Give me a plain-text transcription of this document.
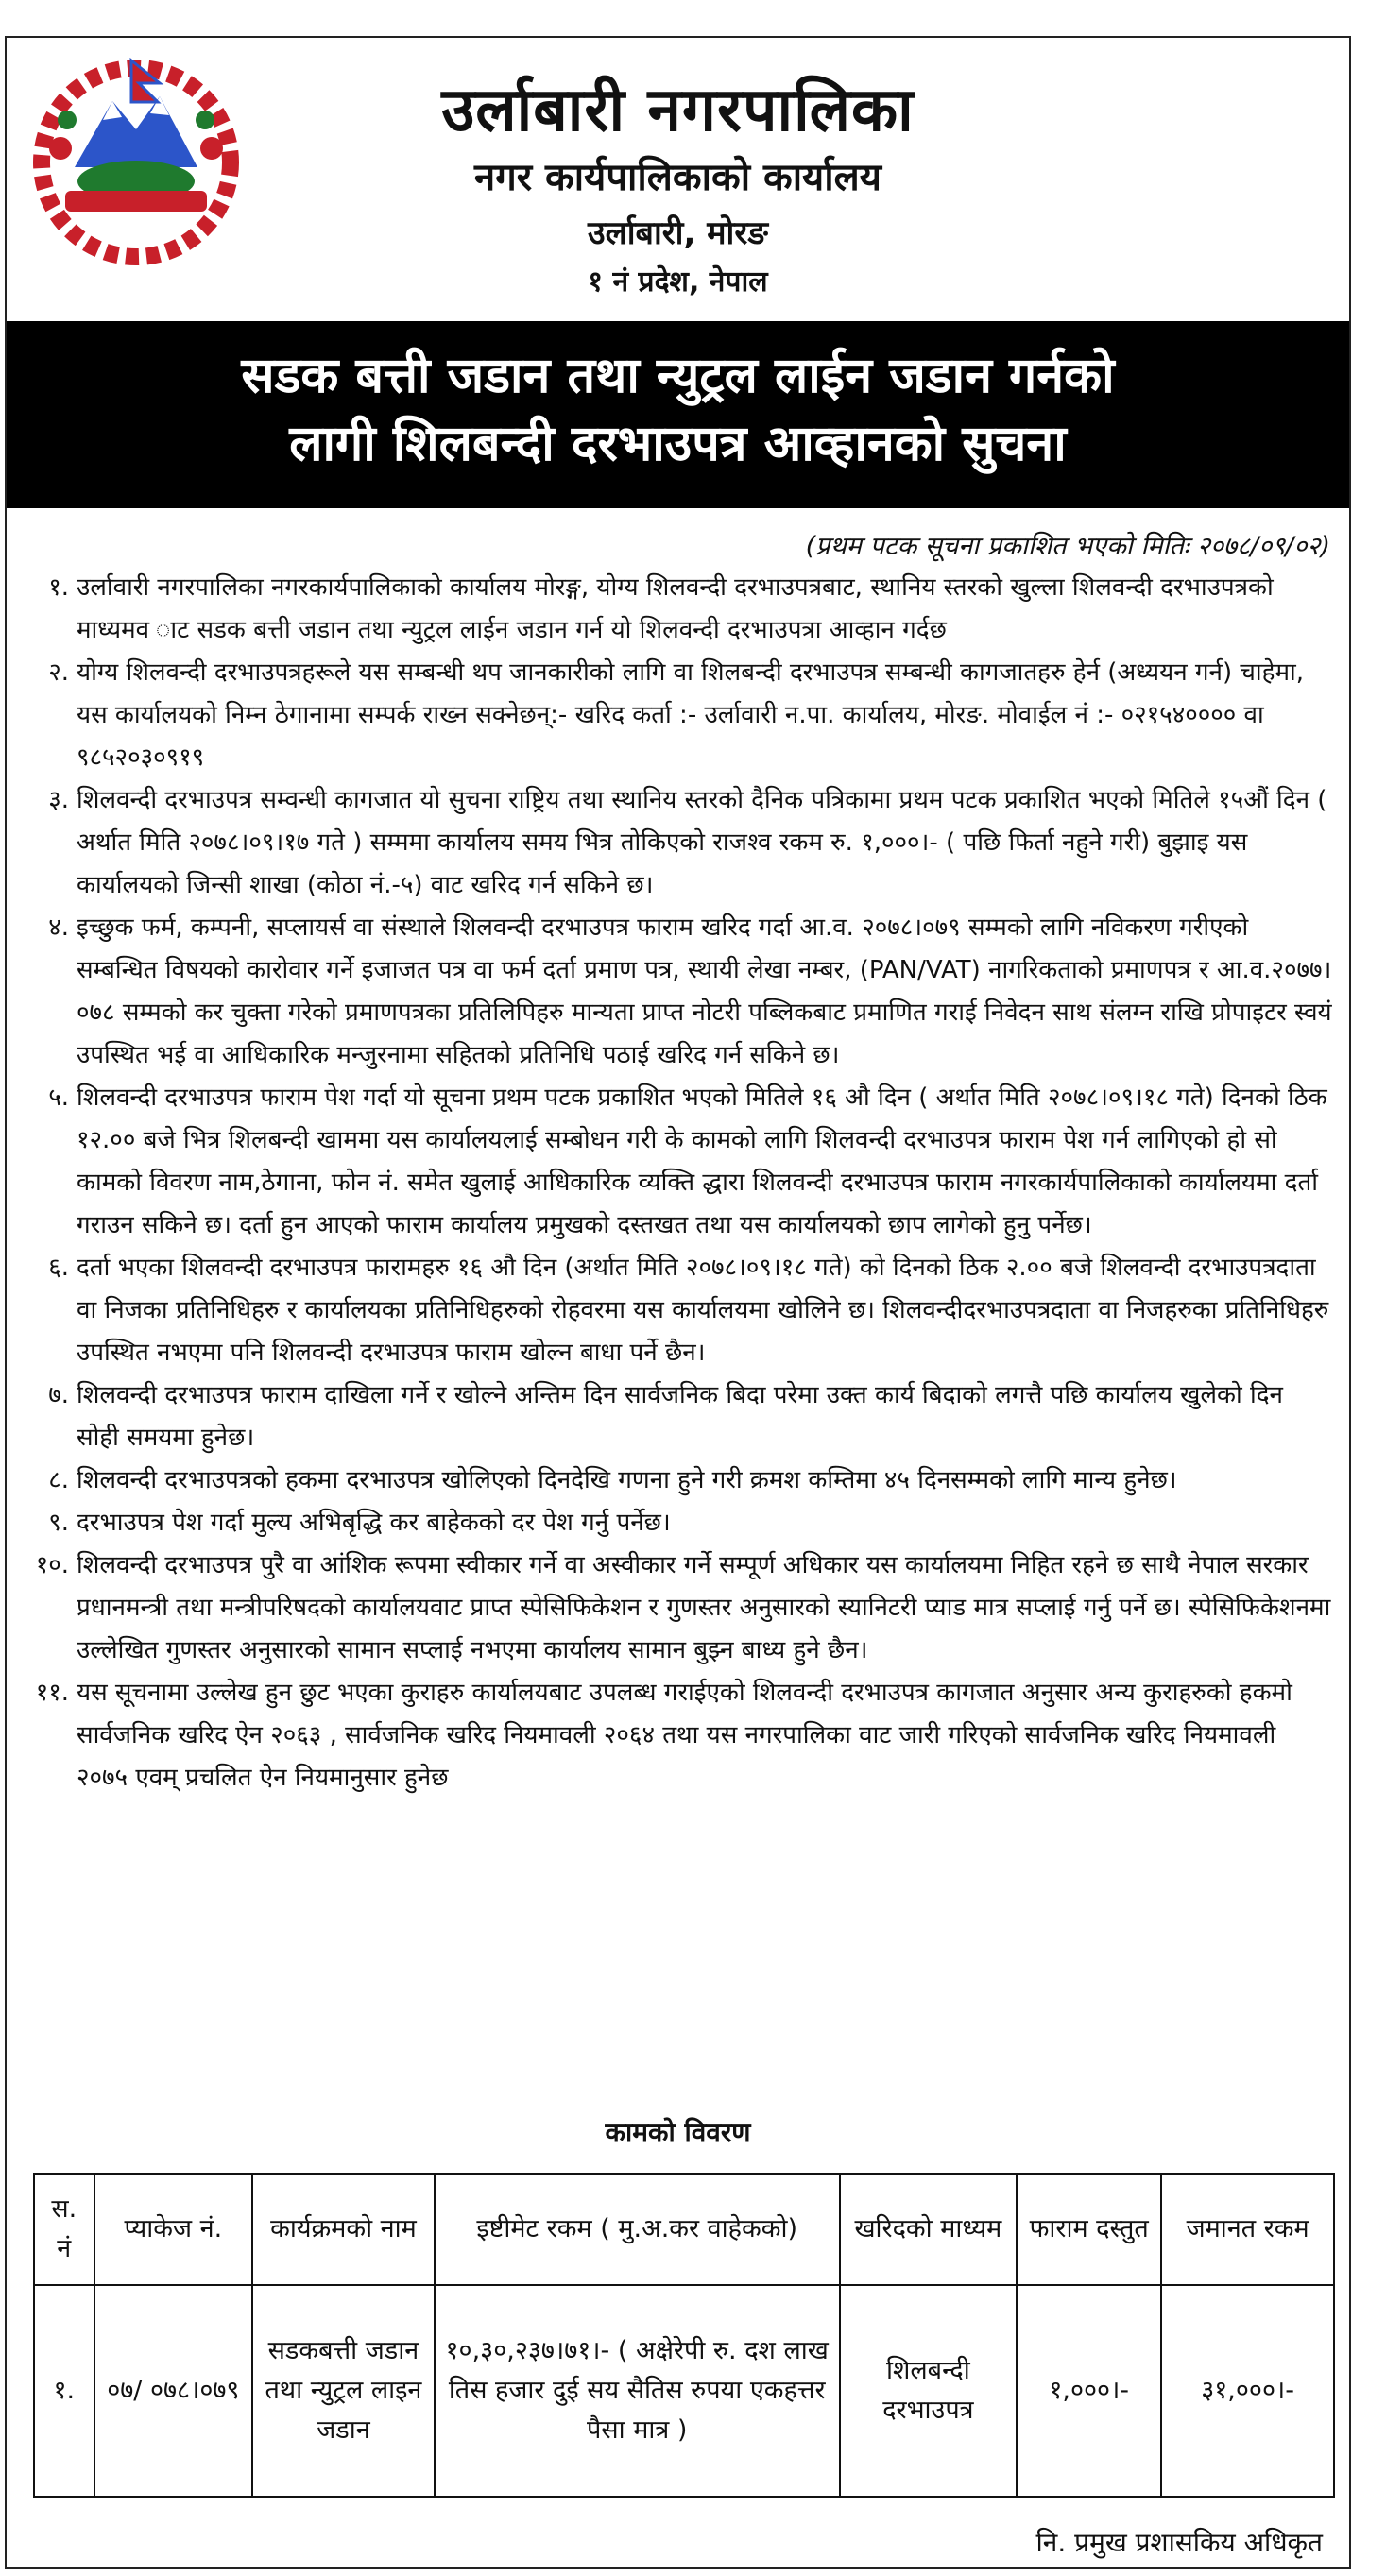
उर्लाबारी नगरपालिका
नगर कार्यपालिकाको कार्यालय
उर्लाबारी, मोरङ
१ नं प्रदेश, नेपाल
सडक बत्ती जडान तथा न्युट्रल लाईन जडान गर्नको
लागी शिलबन्दी दरभाउपत्र आव्हानको सुचना
(प्रथम पटक सूचना प्रकाशित भएको मितिः २०७८/०९/०२)
१. उर्लावारी नगरपालिका नगरकार्यपालिकाको कार्यालय मोरङ्ग, योग्य शिलवन्दी दरभाउपत्रबाट, स्थानिय स्तरको खुल्ला शिलवन्दी दरभाउपत्रको माध्यमव ाट सडक बत्ती जडान तथा न्युट्रल लाईन जडान गर्न यो शिलवन्दी दरभाउपत्रा आव्हान गर्दछ
२. योग्य शिलवन्दी दरभाउपत्रहरूले यस सम्बन्धी थप जानकारीको लागि वा शिलबन्दी दरभाउपत्र सम्बन्धी कागजातहरु हेर्न (अध्ययन गर्न) चाहेमा, यस कार्यालयको निम्न ठेगानामा सम्पर्क राख्न सक्नेछन्:- खरिद कर्ता :- उर्लावारी न.पा. कार्यालय, मोरङ. मोवाईल नं :- ०२१५४०००० वा ९८५२०३०९१९
३. शिलवन्दी दरभाउपत्र सम्वन्धी कागजात यो सुचना राष्ट्रिय तथा स्थानिय स्तरको दैनिक पत्रिकामा प्रथम पटक प्रकाशित भएको मितिले १५औं दिन ( अर्थात मिति २०७८।०९।१७ गते ) सम्ममा कार्यालय समय भित्र तोकिएको राजश्व रकम रु. १,०००।- ( पछि फिर्ता नहुने गरी) बुझाइ यस कार्यालयको जिन्सी शाखा (कोठा नं.-५) वाट खरिद गर्न सकिने छ।
४. इच्छुक फर्म, कम्पनी, सप्लायर्स वा संस्थाले शिलवन्दी दरभाउपत्र फाराम खरिद गर्दा आ.व. २०७८।०७९ सम्मको लागि नविकरण गरीएको सम्बन्धित विषयको कारोवार गर्ने इजाजत पत्र वा फर्म दर्ता प्रमाण पत्र, स्थायी लेखा नम्बर, (PAN/VAT) नागरिकताको प्रमाणपत्र र आ.व.२०७७।०७८ सम्मको कर चुक्ता गरेको प्रमाणपत्रका प्रतिलिपिहरु मान्यता प्राप्त नोटरी पब्लिकबाट प्रमाणित गराई निवेदन साथ संलग्न राखि प्रोपाइटर स्वयं उपस्थित भई वा आधिकारिक मन्जुरनामा सहितको प्रतिनिधि पठाई खरिद गर्न सकिने छ।
५. शिलवन्दी दरभाउपत्र फाराम पेश गर्दा यो सूचना प्रथम पटक प्रकाशित भएको मितिले १६ औ दिन ( अर्थात मिति २०७८।०९।१८ गते) दिनको ठिक १२.०० बजे भित्र शिलबन्दी खाममा यस कार्यालयलाई सम्बोधन गरी के कामको लागि शिलवन्दी दरभाउपत्र फाराम पेश गर्न लागिएको हो सो कामको विवरण नाम,ठेगाना, फोन नं. समेत खुलाई आधिकारिक व्यक्ति द्धारा शिलवन्दी दरभाउपत्र फाराम नगरकार्यपालिकाको कार्यालयमा दर्ता गराउन सकिने छ। दर्ता हुन आएको फाराम कार्यालय प्रमुखको दस्तखत तथा यस कार्यालयको छाप लागेको हुनु पर्नेछ।
६. दर्ता भएका शिलवन्दी दरभाउपत्र फारामहरु १६ औ दिन (अर्थात मिति २०७८।०९।१८ गते) को दिनको ठिक २.०० बजे शिलवन्दी दरभाउपत्रदाता वा निजका प्रतिनिधिहरु र कार्यालयका प्रतिनिधिहरुको रोहवरमा यस कार्यालयमा खोलिने छ। शिलवन्दीदरभाउपत्रदाता वा निजहरुका प्रतिनिधिहरु उपस्थित नभएमा पनि शिलवन्दी दरभाउपत्र फाराम खोल्न बाधा पर्ने छैन।
७. शिलवन्दी दरभाउपत्र फाराम दाखिला गर्ने र खोल्ने अन्तिम दिन सार्वजनिक बिदा परेमा उक्त कार्य बिदाको लगत्तै पछि कार्यालय खुलेको दिन सोही समयमा हुनेछ।
८. शिलवन्दी दरभाउपत्रको हकमा दरभाउपत्र खोलिएको दिनदेखि गणना हुने गरी क्रमश कम्तिमा ४५ दिनसम्मको लागि मान्य हुनेछ।
९. दरभाउपत्र पेश गर्दा मुल्य अभिबृद्धि कर बाहेकको दर पेश गर्नु पर्नेछ।
१०. शिलवन्दी दरभाउपत्र पुरै वा आंशिक रूपमा स्वीकार गर्ने वा अस्वीकार गर्ने सम्पूर्ण अधिकार यस कार्यालयमा निहित रहने छ साथै नेपाल सरकार प्रधानमन्त्री तथा मन्त्रीपरिषदको कार्यालयवाट प्राप्त स्पेसिफिकेशन र गुणस्तर अनुसारको स्यानिटरी प्याड मात्र सप्लाई गर्नु पर्ने छ। स्पेसिफिकेशनमा उल्लेखित गुणस्तर अनुसारको सामान सप्लाई नभएमा कार्यालय सामान बुझ्न बाध्य हुने छैन।
११. यस सूचनामा उल्लेख हुन छुट भएका कुराहरु कार्यालयबाट उपलब्ध गराईएको शिलवन्दी दरभाउपत्र कागजात अनुसार अन्य कुराहरुको हकमो सार्वजनिक खरिद ऐन २०६३ , सार्वजनिक खरिद नियमावली २०६४ तथा यस नगरपालिका वाट जारी गरिएको सार्वजनिक खरिद नियमावली २०७५ एवम् प्रचलित ऐन नियमानुसार हुनेछ
कामको विवरण
स. नं	प्याकेज नं.	कार्यक्रमको नाम	इष्टीमेट रकम ( मु.अ.कर वाहेकको)	खरिदको माध्यम	फाराम दस्तुत	जमानत रकम
१.	०७/ ०७८।०७९	सडकबत्ती जडान तथा न्युट्रल लाइन जडान	१०,३०,२३७।७१।- ( अक्षेरेपी रु. दश लाख तिस हजार दुई सय सैतिस रुपया एकहत्तर पैसा मात्र )	शिलबन्दी दरभाउपत्र	१,०००।-	३१,०००।-
नि. प्रमुख प्रशासकिय अधिकृत
